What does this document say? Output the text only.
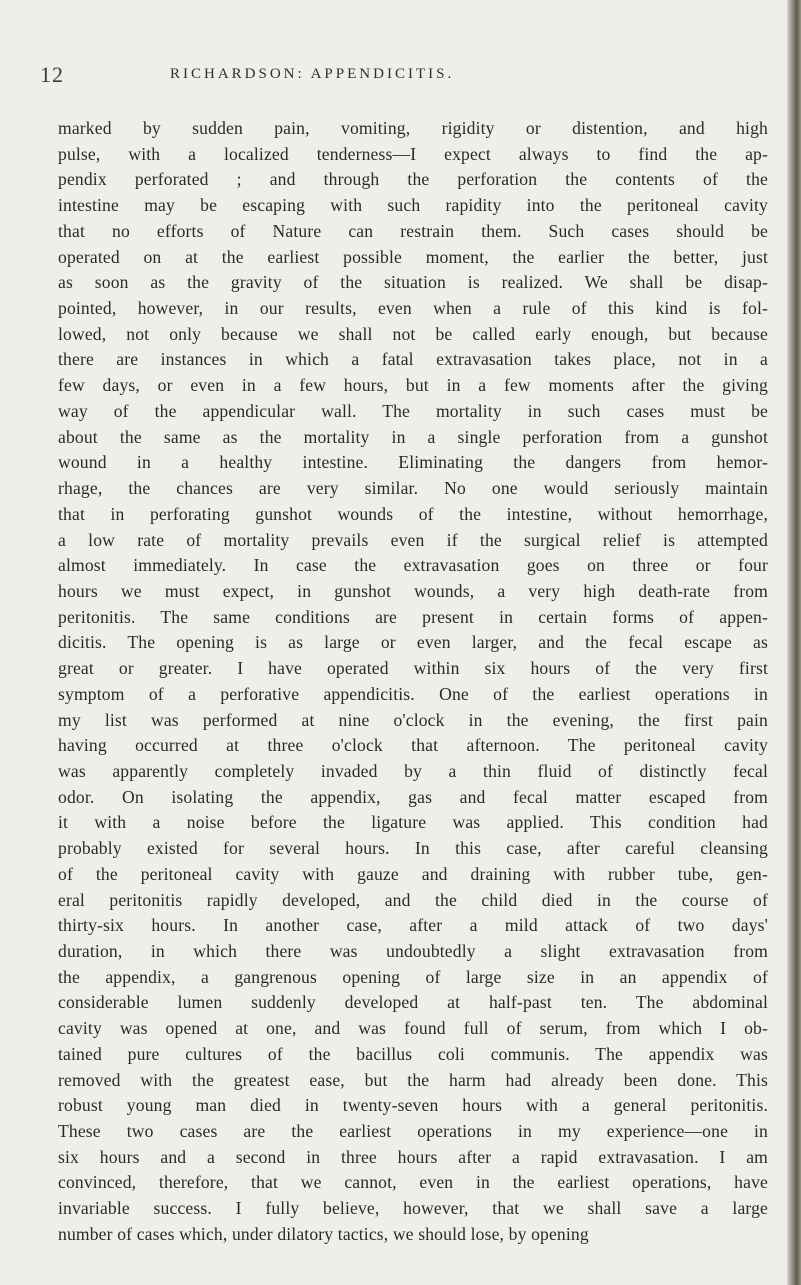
12	RICHARDSON: APPENDICITIS.
marked by sudden pain, vomiting, rigidity or distention, and high
pulse, with a localized tenderness—I expect always to find the ap-
pendix perforated ; and through the perforation the contents of the
intestine may be escaping with such rapidity into the peritoneal cavity
that no efforts of Nature can restrain them. Such cases should be
operated on at the earliest possible moment, the earlier the better, just
as soon as the gravity of the situation is realized. We shall be disap-
pointed, however, in our results, even when a rule of this kind is fol-
lowed, not only because we shall not be called early enough, but because
there are instances in which a fatal extravasation takes place, not in a
few days, or even in a few hours, but in a few moments after the giving
way of the appendicular wall. The mortality in such cases must be
about the same as the mortality in a single perforation from a gunshot
wound in a healthy intestine. Eliminating the dangers from hemor-
rhage, the chances are very similar. No one would seriously maintain
that in perforating gunshot wounds of the intestine, without hemorrhage,
a low rate of mortality prevails even if the surgical relief is attempted
almost immediately. In case the extravasation goes on three or four
hours we must expect, in gunshot wounds, a very high death-rate from
peritonitis. The same conditions are present in certain forms of appen-
dicitis. The opening is as large or even larger, and the fecal escape as
great or greater. I have operated within six hours of the very first
symptom of a perforative appendicitis. One of the earliest operations in
my list was performed at nine o'clock in the evening, the first pain
having occurred at three o'clock that afternoon. The peritoneal cavity
was apparently completely invaded by a thin fluid of distinctly fecal
odor. On isolating the appendix, gas and fecal matter escaped from
it with a noise before the ligature was applied. This condition had
probably existed for several hours. In this case, after careful cleansing
of the peritoneal cavity with gauze and draining with rubber tube, gen-
eral peritonitis rapidly developed, and the child died in the course of
thirty-six hours. In another case, after a mild attack of two days'
duration, in which there was undoubtedly a slight extravasation from
the appendix, a gangrenous opening of large size in an appendix of
considerable lumen suddenly developed at half-past ten. The abdominal
cavity was opened at one, and was found full of serum, from which I ob-
tained pure cultures of the bacillus coli communis. The appendix was
removed with the greatest ease, but the harm had already been done. This
robust young man died in twenty-seven hours with a general peritonitis.
These two cases are the earliest operations in my experience—one in
six hours and a second in three hours after a rapid extravasation. I am
convinced, therefore, that we cannot, even in the earliest operations, have
invariable success. I fully believe, however, that we shall save a large
number of cases which, under dilatory tactics, we should lose, by opening
